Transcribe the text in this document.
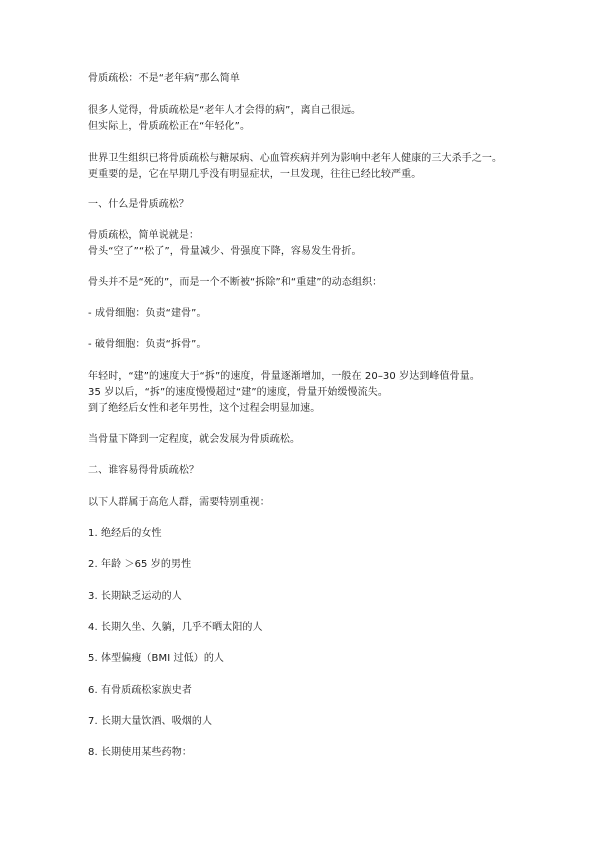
骨质疏松：不是“老年病”那么简单
很多人觉得，骨质疏松是“老年人才会得的病”，离自己很远。
但实际上，骨质疏松正在“年轻化”。
世界卫生组织已将骨质疏松与糖尿病、心血管疾病并列为影响中老年人健康的三大杀手之一。
更重要的是，它在早期几乎没有明显症状，一旦发现，往往已经比较严重。
一、什么是骨质疏松？
骨质疏松，简单说就是：
骨头“空了”“松了”，骨量减少、骨强度下降，容易发生骨折。
骨头并不是“死的”，而是一个不断被“拆除”和“重建”的动态组织：
- 成骨细胞：负责“建骨”。
- 破骨细胞：负责“拆骨”。
年轻时，“建”的速度大于“拆”的速度，骨量逐渐增加，一般在 20–30 岁达到峰值骨量。
35 岁以后，“拆”的速度慢慢超过“建”的速度，骨量开始缓慢流失。
到了绝经后女性和老年男性，这个过程会明显加速。
当骨量下降到一定程度，就会发展为骨质疏松。
二、谁容易得骨质疏松？
以下人群属于高危人群，需要特别重视：
1. 绝经后的女性
2. 年龄 ＞65 岁的男性
3. 长期缺乏运动的人
4. 长期久坐、久躺，几乎不晒太阳的人
5. 体型偏瘦（BMI 过低）的人
6. 有骨质疏松家族史者
7. 长期大量饮酒、吸烟的人
8. 长期使用某些药物：
